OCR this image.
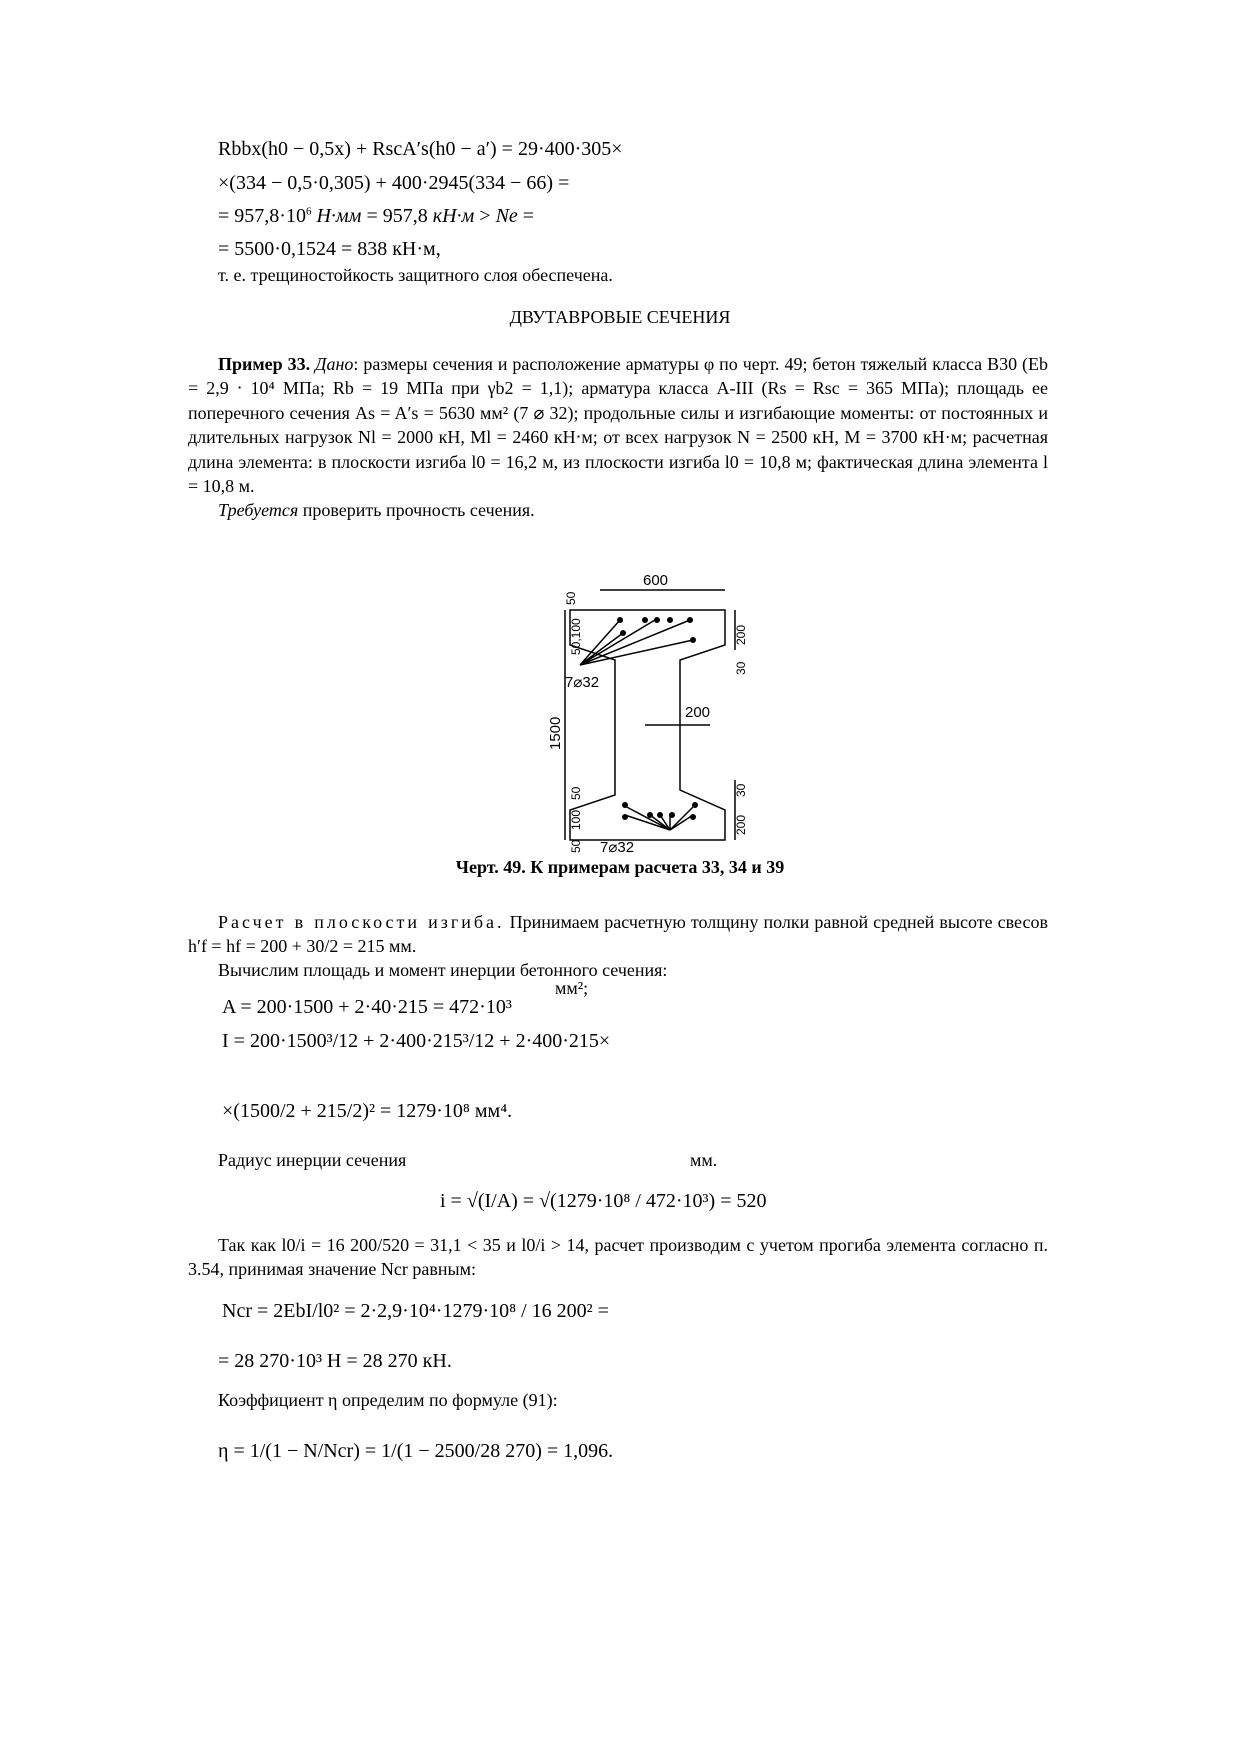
Rbbx(h0 − 0,5x) + RscA′s(h0 − a′) = 29·400·305×
×(334 − 0,5·0,305) + 400·2945(334 − 66) =
= $957,8\cdot 10^6$ Н·мм = 957,8 кН·м > Ne =
= 5500·0,1524 = 838 кН·м,
т. е. трещиностойкость защитного слоя обеспечена.
ДВУТАВРОВЫЕ СЕЧЕНИЯ
Пример 33. Дано: размеры сечения и расположение арматуры φ по черт. 49; бетон тяжелый класса В30 (Eb = 2,9 ⋅ 10⁴ МПа; Rb = 19 МПа при γb2 = 1,1); арматура класса А-III (Rs = Rsc = 365 МПа); площадь ее поперечного сечения As = A′s = 5630 мм² (7 ⌀ 32); продольные силы и изгибающие моменты: от постоянных и длительных нагрузок Nl = 2000 кН, Ml = 2460 кН⋅м; от всех нагрузок N = 2500 кН, M = 3700 кН·м; расчетная длина элемента: в плоскости изгиба l0 = 16,2 м, из плоскости изгиба l0 = 10,8 м; фактическая длина элемента l = 10,8 м.
Требуется проверить прочность сечения.
600
50
50,100	200
30
7⌀32
1500
200
50
100
50
30
200
7⌀32
Черт. 49. К примерам расчета 33, 34 и 39
Расчет в плоскости изгиба. Принимаем расчетную толщину полки равной средней высоте свесов h′f = hf = 200 + 30/2 = 215 мм.
Вычислим площадь и момент инерции бетонного сечения:
мм²;
A = 200·1500 + 2·40·215 = 472·10³
I = 200·1500³/12 + 2·400·215³/12 + 2·400·215×
×(1500/2 + 215/2)² = 1279·10⁸ мм⁴.
Радиус инерции сечения	мм.
i = √(I/A) = √(1279·10⁸ / 472·10³) = 520
Так как l0/i = 16 200/520 = 31,1 < 35 и l0/i > 14, расчет производим с учетом прогиба элемента согласно п. 3.54, принимая значение Ncr равным:
Ncr = 2EbI/l0² = 2·2,9·10⁴·1279·10⁸ / 16 200² =
= 28 270·10³ Н = 28 270 кН.
Коэффициент η определим по формуле (91):
η = 1/(1 − N/Ncr) = 1/(1 − 2500/28 270) = 1,096.
